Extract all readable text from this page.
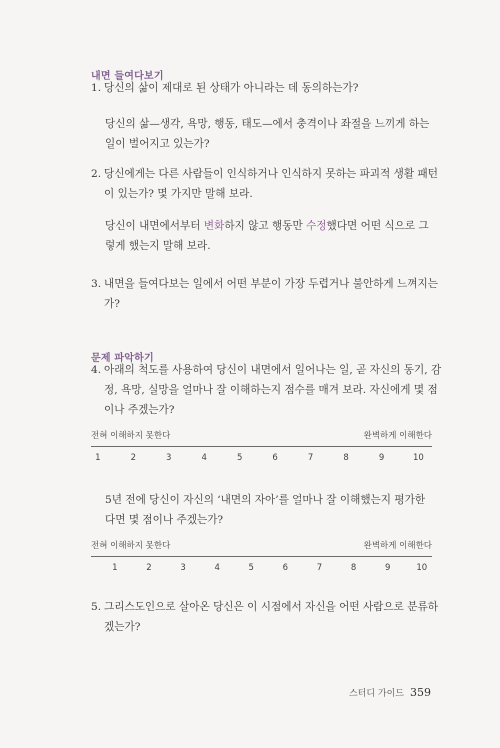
내면 들여다보기
1. 당신의 삶이 제대로 된 상태가 아니라는 데 동의하는가?
당신의 삶—생각, 욕망, 행동, 태도—에서 충격이나 좌절을 느끼게 하는 일이 벌어지고 있는가?
2. 당신에게는 다른 사람들이 인식하거나 인식하지 못하는 파괴적 생활 패턴이 있는가? 몇 가지만 말해 보라.
당신이 내면에서부터 변화하지 않고 행동만 수정했다면 어떤 식으로 그렇게 했는지 말해 보라.
3. 내면을 들여다보는 일에서 어떤 부분이 가장 두렵거나 불안하게 느껴지는가?
문제 파악하기
4. 아래의 척도를 사용하여 당신이 내면에서 일어나는 일, 곧 자신의 동기, 감정, 욕망, 실망을 얼마나 잘 이해하는지 점수를 매겨 보라. 자신에게 몇 점이나 주겠는가?
전혀 이해하지 못한다	완벽하게 이해한다
1	2	3	4	5	6	7	8	9	10
5년 전에 당신이 자신의 ‘내면의 자아’를 얼마나 잘 이해했는지 평가한다면 몇 점이나 주겠는가?
전혀 이해하지 못한다	완벽하게 이해한다
1	2	3	4	5	6	7	8	9	10
5. 그리스도인으로 살아온 당신은 이 시점에서 자신을 어떤 사람으로 분류하겠는가?
스터디 가이드 359
